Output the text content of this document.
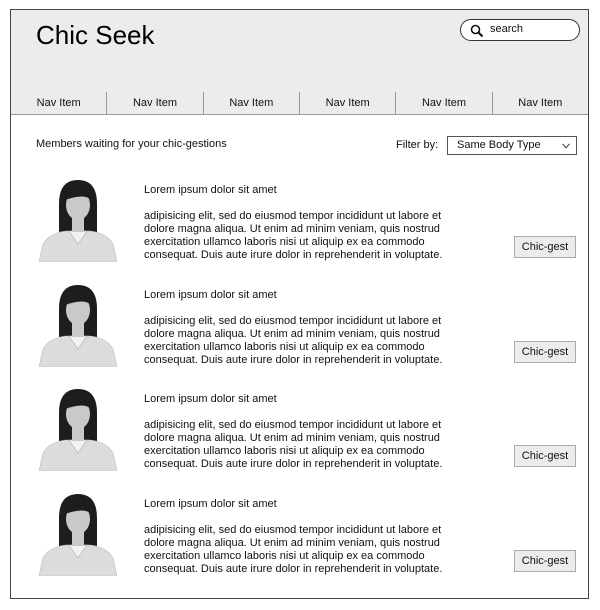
Chic Seek	search
Nav Item	Nav Item	Nav Item	Nav Item	Nav Item	Nav Item
Members waiting for your chic-gestions	Filter by: Same Body Type
Lorem ipsum dolor sit amet
adipisicing elit, sed do eiusmod tempor incididunt ut labore et dolore magna aliqua. Ut enim ad minim veniam, quis nostrud exercitation ullamco laboris nisi ut aliquip ex ea commodo consequat. Duis aute irure dolor in reprehenderit in voluptate.
Chic-gest
Lorem ipsum dolor sit amet
adipisicing elit, sed do eiusmod tempor incididunt ut labore et dolore magna aliqua. Ut enim ad minim veniam, quis nostrud exercitation ullamco laboris nisi ut aliquip ex ea commodo consequat. Duis aute irure dolor in reprehenderit in voluptate.
Chic-gest
Lorem ipsum dolor sit amet
adipisicing elit, sed do eiusmod tempor incididunt ut labore et dolore magna aliqua. Ut enim ad minim veniam, quis nostrud exercitation ullamco laboris nisi ut aliquip ex ea commodo consequat. Duis aute irure dolor in reprehenderit in voluptate.
Chic-gest
Lorem ipsum dolor sit amet
adipisicing elit, sed do eiusmod tempor incididunt ut labore et dolore magna aliqua. Ut enim ad minim veniam, quis nostrud exercitation ullamco laboris nisi ut aliquip ex ea commodo consequat. Duis aute irure dolor in reprehenderit in voluptate.
Chic-gest
